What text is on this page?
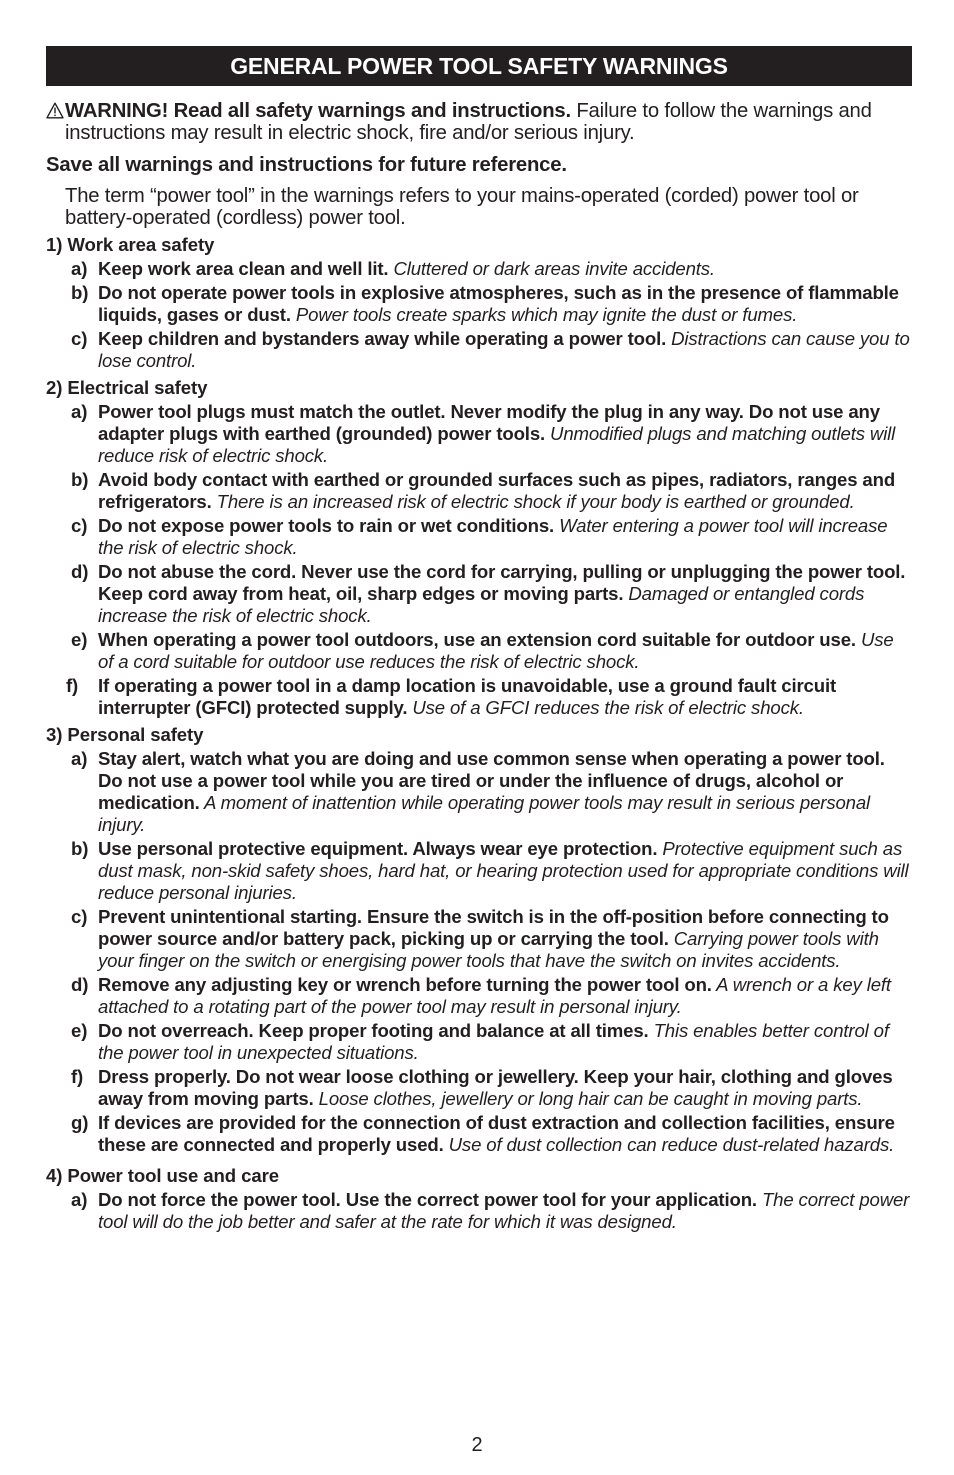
GENERAL POWER TOOL SAFETY WARNINGS
WARNING! Read all safety warnings and instructions. Failure to follow the warnings and instructions may result in electric shock, fire and/or serious injury.
Save all warnings and instructions for future reference.
The term “power tool” in the warnings refers to your mains-operated (corded) power tool or battery-operated (cordless) power tool.
1) Work area safety
a) Keep work area clean and well lit. Cluttered or dark areas invite accidents.
b) Do not operate power tools in explosive atmospheres, such as in the presence of flammable liquids, gases or dust. Power tools create sparks which may ignite the dust or fumes.
c) Keep children and bystanders away while operating a power tool. Distractions can cause you to lose control.
2) Electrical safety
a) Power tool plugs must match the outlet. Never modify the plug in any way. Do not use any adapter plugs with earthed (grounded) power tools. Unmodified plugs and matching outlets will reduce risk of electric shock.
b) Avoid body contact with earthed or grounded surfaces such as pipes, radiators, ranges and refrigerators. There is an increased risk of electric shock if your body is earthed or grounded.
c) Do not expose power tools to rain or wet conditions. Water entering a power tool will increase the risk of electric shock.
d) Do not abuse the cord. Never use the cord for carrying, pulling or unplugging the power tool. Keep cord away from heat, oil, sharp edges or moving parts. Damaged or entangled cords increase the risk of electric shock.
e) When operating a power tool outdoors, use an extension cord suitable for outdoor use. Use of a cord suitable for outdoor use reduces the risk of electric shock.
f) If operating a power tool in a damp location is unavoidable, use a ground fault circuit interrupter (GFCI) protected supply. Use of a GFCI reduces the risk of electric shock.
3) Personal safety
a) Stay alert, watch what you are doing and use common sense when operating a power tool. Do not use a power tool while you are tired or under the influence of drugs, alcohol or medication. A moment of inattention while operating power tools may result in serious personal injury.
b) Use personal protective equipment. Always wear eye protection. Protective equipment such as dust mask, non-skid safety shoes, hard hat, or hearing protection used for appropriate conditions will reduce personal injuries.
c) Prevent unintentional starting. Ensure the switch is in the off-position before connecting to power source and/or battery pack, picking up or carrying the tool. Carrying power tools with your finger on the switch or energising power tools that have the switch on invites accidents.
d) Remove any adjusting key or wrench before turning the power tool on. A wrench or a key left attached to a rotating part of the power tool may result in personal injury.
e) Do not overreach. Keep proper footing and balance at all times. This enables better control of the power tool in unexpected situations.
f) Dress properly. Do not wear loose clothing or jewellery. Keep your hair, clothing and gloves away from moving parts. Loose clothes, jewellery or long hair can be caught in moving parts.
g) If devices are provided for the connection of dust extraction and collection facilities, ensure these are connected and properly used. Use of dust collection can reduce dust-related hazards.
4) Power tool use and care
a) Do not force the power tool. Use the correct power tool for your application. The correct power tool will do the job better and safer at the rate for which it was designed.
2
